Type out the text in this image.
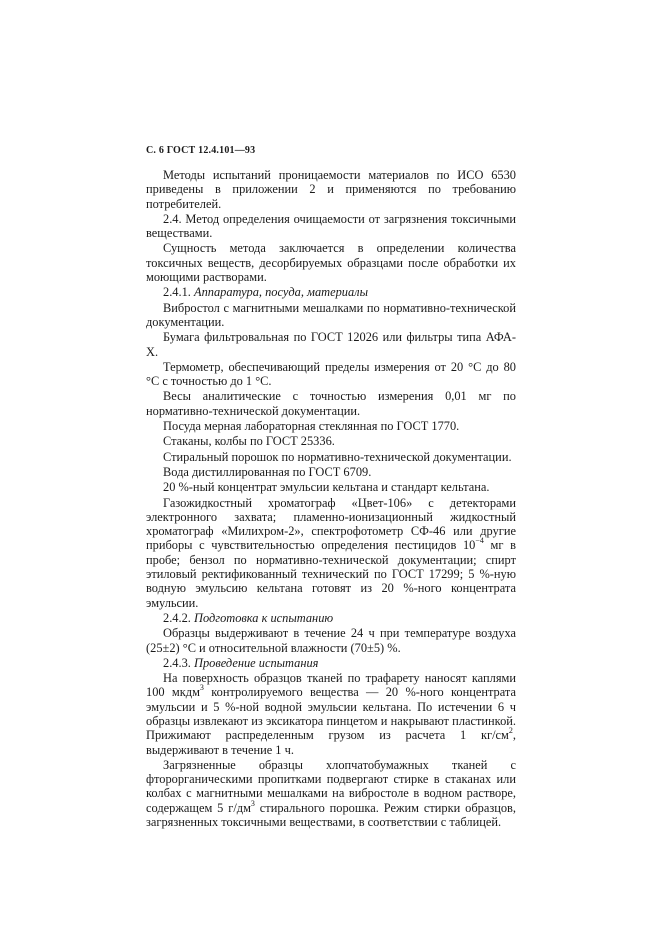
С. 6 ГОСТ 12.4.101—93

Методы испытаний проницаемости материалов по ИСО 6530 приведены в приложении 2 и применяются по требованию потребителей.

2.4. Метод определения очищаемости от загрязнения токсичными веществами.

Сущность метода заключается в определении количества токсичных веществ, десорбируемых образцами после обработки их моющими растворами.

2.4.1. Аппаратура, посуда, материалы

Вибростол с магнитными мешалками по нормативно-технической документации.

Бумага фильтровальная по ГОСТ 12026 или фильтры типа АФА-Х.

Термометр, обеспечивающий пределы измерения от 20 °С до 80 °С с точностью до 1 °С.

Весы аналитические с точностью измерения 0,01 мг по нормативно-технической документации.

Посуда мерная лабораторная стеклянная по ГОСТ 1770.

Стаканы, колбы по ГОСТ 25336.

Стиральный порошок по нормативно-технической документации.

Вода дистиллированная по ГОСТ 6709.

20 %-ный концентрат эмульсии кельтана и стандарт кельтана.

Газожидкостный хроматограф «Цвет-106» с детекторами электронного захвата; пламенно-ионизационный жидкостный хроматограф «Милихром-2», спектрофотометр СФ-46 или другие приборы с чувствительностью определения пестицидов $10^{-4}$ мг в пробе; бензол по нормативно-технической документации; спирт этиловый ректификованный технический по ГОСТ 17299; 5 %-ную водную эмульсию кельтана готовят из 20 %-ного концентрата эмульсии.

2.4.2. Подготовка к испытанию

Образцы выдерживают в течение 24 ч при температуре воздуха (25±2) °С и относительной влажности (70±5) %.

2.4.3. Проведение испытания

На поверхность образцов тканей по трафарету наносят каплями 100 мкдм$^3$ контролируемого вещества — 20 %-ного концентрата эмульсии и 5 %-ной водной эмульсии кельтана. По истечении 6 ч образцы извлекают из эксикатора пинцетом и накрывают пластинкой. Прижимают распределенным грузом из расчета 1 $кг/см^2$, выдерживают в течение 1 ч.

Загрязненные образцы хлопчатобумажных тканей с фторорганическими пропитками подвергают стирке в стаканах или колбах с магнитными мешалками на вибростоле в водном растворе, содержащем 5 $г/дм^3$ стирального порошка. Режим стирки образцов, загрязненных токсичными веществами, в соответствии с таблицей.
